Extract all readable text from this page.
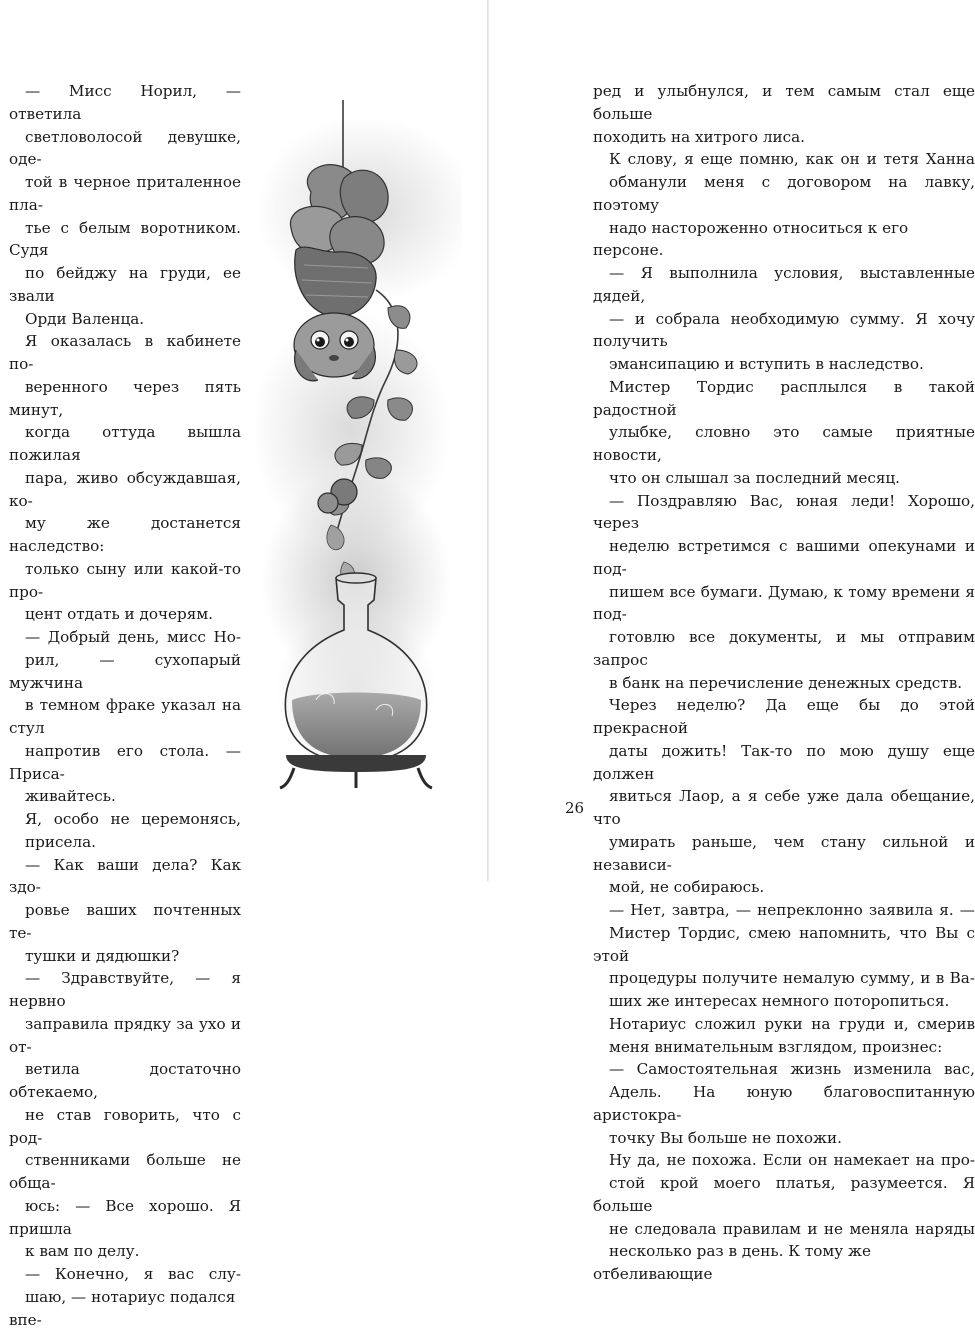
— Мисс Норил, — ответила
светловолосой девушке, оде-
той в черное приталенное пла-
тье с белым воротником. Судя
по бейджу на груди, ее звали
Орди Валенца.

Я оказалась в кабинете по-
веренного через пять минут,
когда оттуда вышла пожилая
пара, живо обсуждавшая, ко-
му же достанется наследство:
только сыну или какой-то про-
цент отдать и дочерям.

— Добрый день, мисс Но-
рил, — сухопарый мужчина
в темном фраке указал на стул
напротив его стола. — Приса-
живайтесь.

Я, особо не церемонясь,
присела.

— Как ваши дела? Как здо-
ровье ваших почтенных те-
тушки и дядюшки?

— Здравствуйте, — я нервно
заправила прядку за ухо и от-
ветила достаточно обтекаемо,
не став говорить, что с род-
ственниками больше не обща-
юсь: — Все хорошо. Я пришла
к вам по делу.

— Конечно, я вас слу-
шаю, — нотариус подался впе-

ред и улыбнулся, и тем самым стал еще больше
походить на хитрого лиса.

К слову, я еще помню, как он и тетя Ханна
обманули меня с договором на лавку, поэтому
надо настороженно относиться к его персоне.

— Я выполнила условия, выставленные дядей,
— и собрала необходимую сумму. Я хочу получить
эмансипацию и вступить в наследство.

Мистер Тордис расплылся в такой радостной
улыбке, словно это самые приятные новости,
что он слышал за последний месяц.

— Поздравляю Вас, юная леди! Хорошо, через
неделю встретимся с вашими опекунами и под-
пишем все бумаги. Думаю, к тому времени я под-
готовлю все документы, и мы отправим запрос
в банк на перечисление денежных средств.

Через неделю? Да еще бы до этой прекрасной
даты дожить! Так-то по мою душу еще должен
явиться Лаор, а я себе уже дала обещание, что
умирать раньше, чем стану сильной и независи-
мой, не собираюсь.

— Нет, завтра, — непреклонно заявила я. —
Мистер Тордис, смею напомнить, что Вы с этой
процедуры получите немалую сумму, и в Ва-
ших же интересах немного поторопиться.

Нотариус сложил руки на груди и, смерив
меня внимательным взглядом, произнес:

— Самостоятельная жизнь изменила вас,
Адель. На юную благовоспитанную аристокра-
точку Вы больше не похожи.

Ну да, не похожа. Если он намекает на про-
стой крой моего платья, разумеется. Я больше
не следовала правилам и не меняла наряды
несколько раз в день. К тому же отбеливающие

26
